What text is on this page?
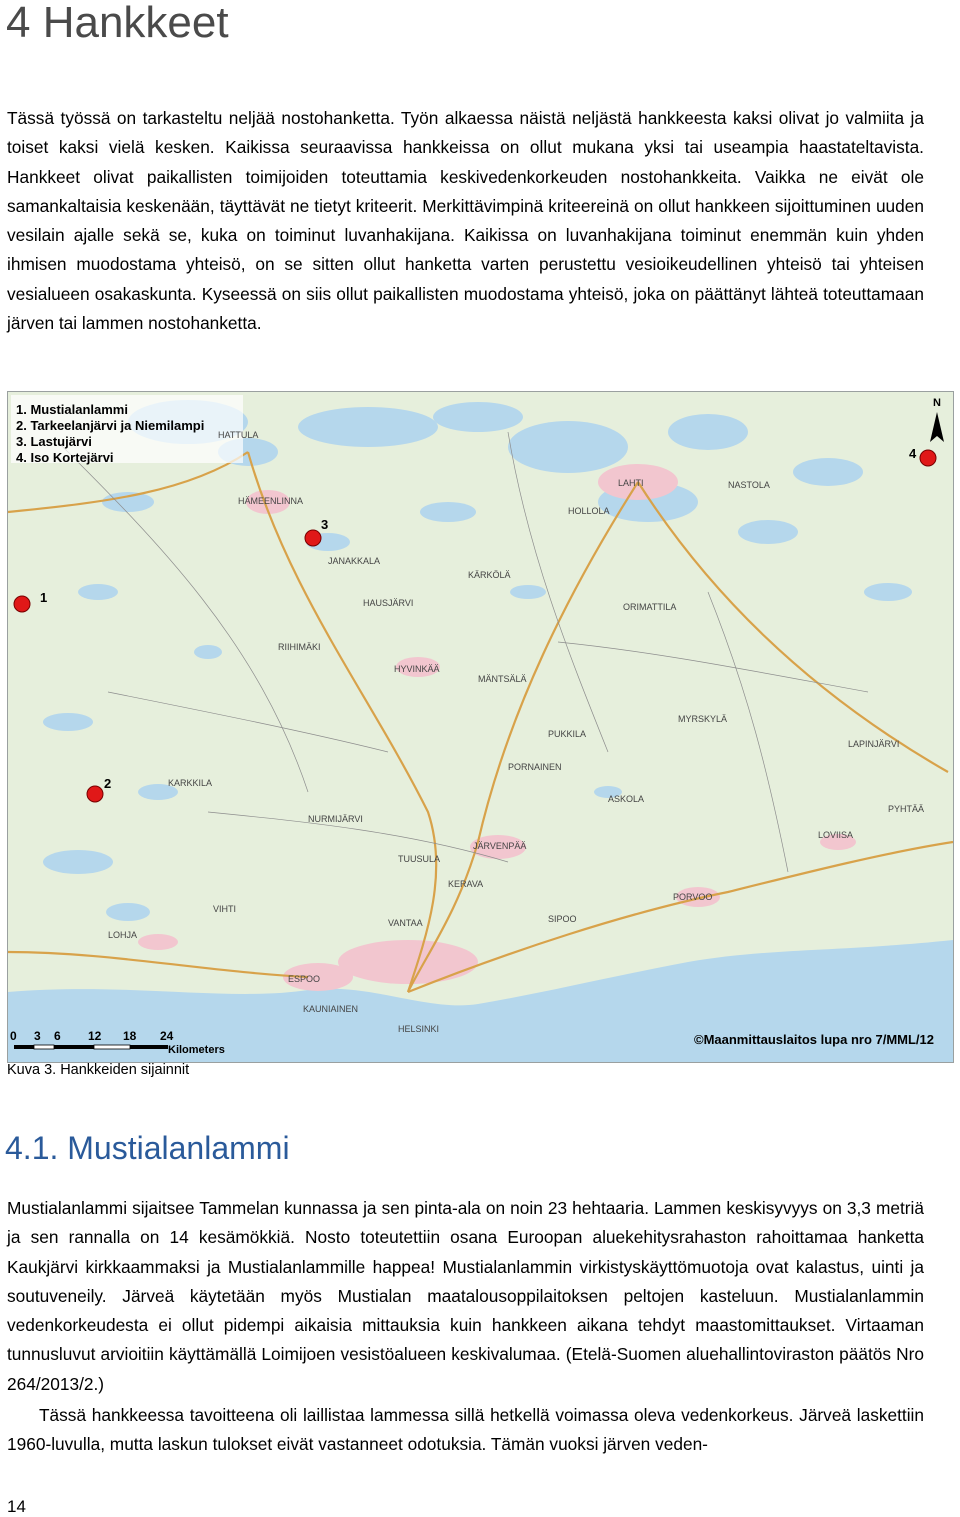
4 Hankkeet

Tässä työssä on tarkasteltu neljää nostohanketta. Työn alkaessa näistä neljästä hankkeesta kaksi olivat jo valmiita ja toiset kaksi vielä kesken. Kaikissa seuraavissa hankkeissa on ollut mukana yksi tai useampia haastateltavista. Hankkeet olivat paikallisten toimijoiden toteuttamia keskivedenkorkeuden nostohankkeita. Vaikka ne eivät ole samankaltaisia keskenään, täyttävät ne tietyt kriteerit. Merkittävimpinä kriteereinä on ollut hankkeen sijoittuminen uuden vesilain ajalle sekä se, kuka on toiminut luvanhakijana. Kaikissa on luvanhakijana toiminut enemmän kuin yhden ihmisen muodostama yhteisö, on se sitten ollut hanketta varten perustettu vesioikeudellinen yhteisö tai yhteisen vesialueen osakaskunta. Kyseessä on siis ollut paikallisten muodostama yhteisö, joka on päättänyt lähteä toteuttamaan järven tai lammen nostohanketta.

1. Mustialanlammi
2. Tarkeelanjärvi ja Niemilampi
3. Lastujärvi
4. Iso Kortejärvi
N
HATTULA
HÄMEENLINNA
JANAKKALA
LAHTI	NASTOLA
HOLLOLA
KÄRKÖLÄ
ORIMATTILA
HAUSJÄRVI
RIIHIMÄKI
HYVINKÄÄ
MÄNTSÄLÄ
PORNAINEN
KARKKILA
JÄRVENPÄÄ
TUUSULA
KERAVA
SIPOO
VANTAA
ESPOO
HELSINKI
PORVOO
LOVIISA
PYHTÄÄ
LOHJA
VIHTI
NURMIJÄRVI
MYRSKYLÄ
LAPINJÄRVI
ASKOLA
PUKKILA
KAUNIAINEN
1
2
3
4
0 3 6 12 18 24
Kilometers
©Maanmittauslaitos lupa nro 7/MML/12
Kuva 3. Hankkeiden sijainnit
4.1. Mustialanlammi

Mustialanlammi sijaitsee Tammelan kunnassa ja sen pinta-ala on noin 23 hehtaaria. Lammen keskisyvyys on 3,3 metriä ja sen rannalla on 14 kesämökkiä. Nosto toteutettiin osana Euroopan aluekehitysrahaston rahoittamaa hanketta Kaukjärvi kirkkaammaksi ja Mustialanlammille happea! Mustialanlammin virkistyskäyttömuotoja ovat kalastus, uinti ja soutuveneily. Järveä käytetään myös Mustialan maatalousoppilaitoksen peltojen kasteluun. Mustialanlammin vedenkorkeudesta ei ollut pidempi aikaisia mittauksia kuin hankkeen aikana tehdyt maastomittaukset. Virtaaman tunnusluvut arvioitiin käyttämällä Loimijoen vesistöalueen keskivalumaa. (Etelä-Suomen aluehallintoviraston päätös Nro 264/2013/2.)

Tässä hankkeessa tavoitteena oli laillistaa lammessa sillä hetkellä voimassa oleva vedenkorkeus. Järveä laskettiin 1960-luvulla, mutta laskun tulokset eivät vastanneet odotuksia. Tämän vuoksi järven veden-

14
